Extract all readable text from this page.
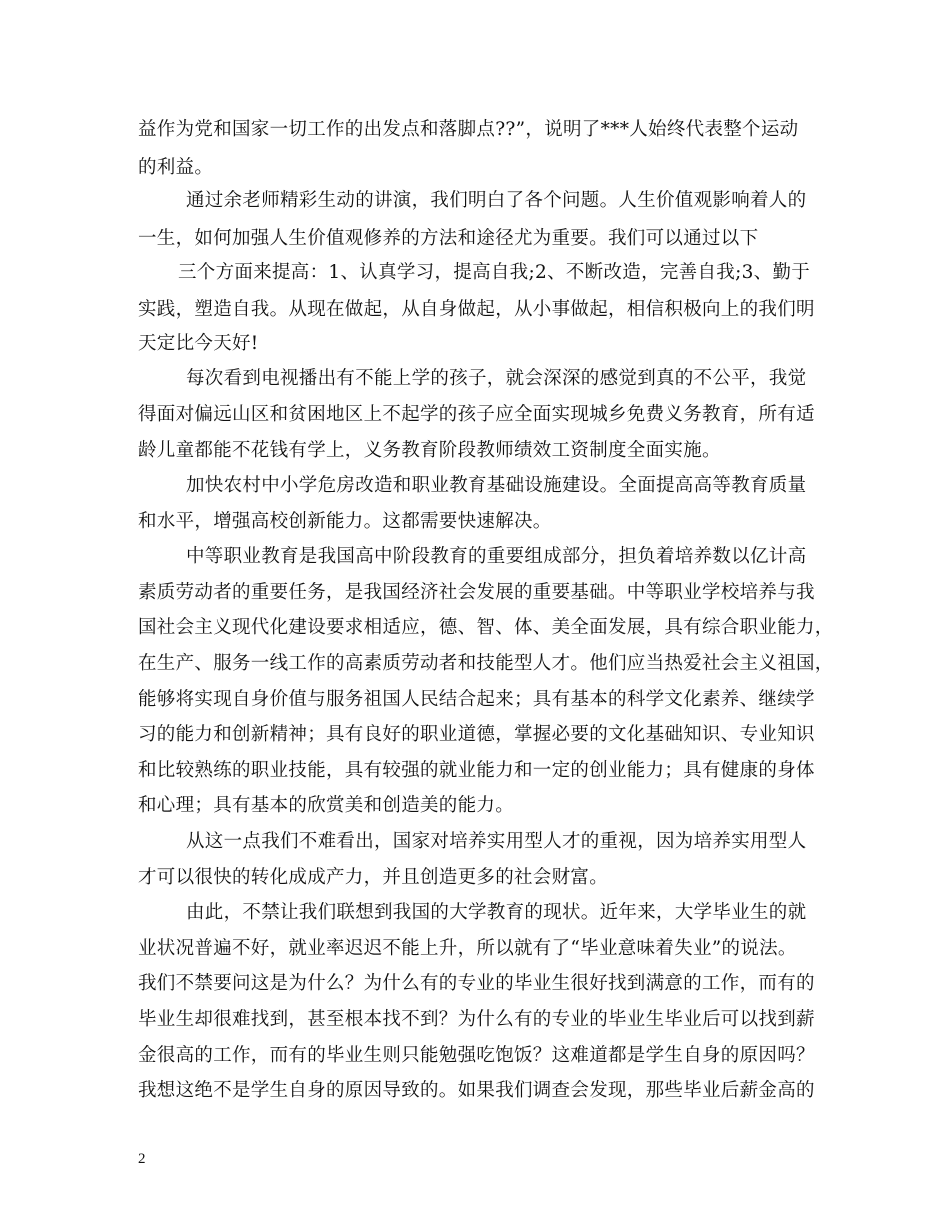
益作为党和国家一切工作的出发点和落脚点??”，说明了***人始终代表整个运动
的利益。
通过余老师精彩生动的讲演，我们明白了各个问题。人生价值观影响着人的
一生，如何加强人生价值观修养的方法和途径尤为重要。我们可以通过以下
三个方面来提高：1、认真学习，提高自我;2、不断改造，完善自我;3、勤于
实践，塑造自我。从现在做起，从自身做起，从小事做起，相信积极向上的我们明
天定比今天好!
每次看到电视播出有不能上学的孩子，就会深深的感觉到真的不公平，我觉
得面对偏远山区和贫困地区上不起学的孩子应全面实现城乡免费义务教育，所有适
龄儿童都能不花钱有学上，义务教育阶段教师绩效工资制度全面实施。
加快农村中小学危房改造和职业教育基础设施建设。全面提高高等教育质量
和水平，增强高校创新能力。这都需要快速解决。
中等职业教育是我国高中阶段教育的重要组成部分，担负着培养数以亿计高
素质劳动者的重要任务，是我国经济社会发展的重要基础。中等职业学校培养与我
国社会主义现代化建设要求相适应，德、智、体、美全面发展，具有综合职业能力，
在生产、服务一线工作的高素质劳动者和技能型人才。他们应当热爱社会主义祖国，
能够将实现自身价值与服务祖国人民结合起来；具有基本的科学文化素养、继续学
习的能力和创新精神；具有良好的职业道德，掌握必要的文化基础知识、专业知识
和比较熟练的职业技能，具有较强的就业能力和一定的创业能力；具有健康的身体
和心理；具有基本的欣赏美和创造美的能力。
从这一点我们不难看出，国家对培养实用型人才的重视，因为培养实用型人
才可以很快的转化成成产力，并且创造更多的社会财富。
由此，不禁让我们联想到我国的大学教育的现状。近年来，大学毕业生的就
业状况普遍不好，就业率迟迟不能上升，所以就有了“毕业意味着失业”的说法。
我们不禁要问这是为什么？为什么有的专业的毕业生很好找到满意的工作，而有的
毕业生却很难找到，甚至根本找不到？为什么有的专业的毕业生毕业后可以找到薪
金很高的工作，而有的毕业生则只能勉强吃饱饭？这难道都是学生自身的原因吗？
我想这绝不是学生自身的原因导致的。如果我们调查会发现，那些毕业后薪金高的
2
